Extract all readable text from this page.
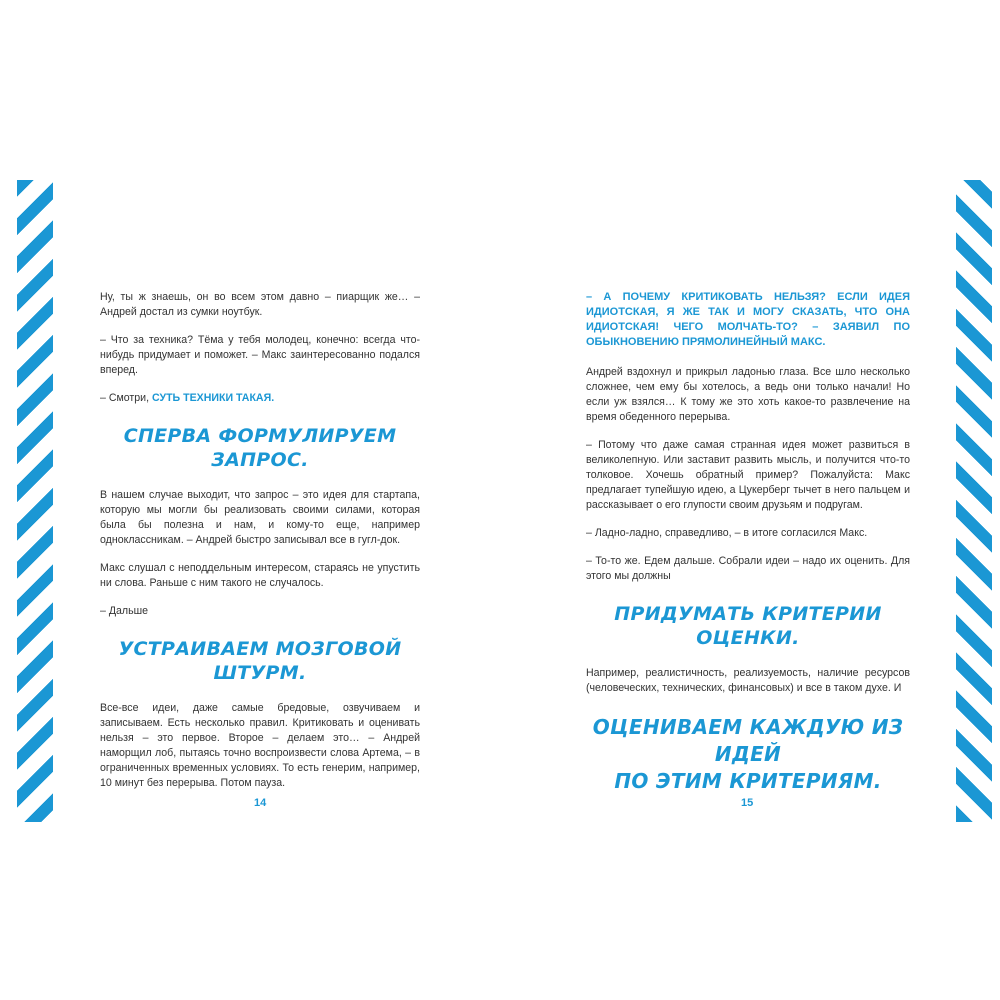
Ну, ты ж знаешь, он во всем этом давно – пиарщик же… – Андрей достал из сумки ноутбук.

– Что за техника? Тёма у тебя молодец, конечно: всегда что-нибудь придумает и поможет. – Макс заинтересованно подался вперед.

– Смотри, СУТЬ ТЕХНИКИ ТАКАЯ.

СПЕРВА ФОРМУЛИРУЕМ ЗАПРОС.

В нашем случае выходит, что запрос – это идея для стартапа, которую мы могли бы реализовать своими силами, которая была бы полезна и нам, и кому-то еще, например одноклассникам. – Андрей быстро записывал все в гугл-док.

Макс слушал с неподдельным интересом, стараясь не упустить ни слова. Раньше с ним такого не случалось.

– Дальше

УСТРАИВАЕМ МОЗГОВОЙ ШТУРМ.

Все-все идеи, даже самые бредовые, озвучиваем и записываем. Есть несколько правил. Критиковать и оценивать нельзя – это первое. Второе – делаем это… – Андрей наморщил лоб, пытаясь точно воспроизвести слова Артема, – в ограниченных временных условиях. То есть генерим, например, 10 минут без перерыва. Потом пауза.

14

– А ПОЧЕМУ КРИТИКОВАТЬ НЕЛЬЗЯ? ЕСЛИ ИДЕЯ ИДИОТСКАЯ, Я ЖЕ ТАК И МОГУ СКАЗАТЬ, ЧТО ОНА ИДИОТСКАЯ! ЧЕГО МОЛЧАТЬ-ТО? – ЗАЯВИЛ ПО ОБЫКНОВЕНИЮ ПРЯМОЛИНЕЙНЫЙ МАКС.

Андрей вздохнул и прикрыл ладонью глаза. Все шло несколько сложнее, чем ему бы хотелось, а ведь они только начали! Но если уж взялся… К тому же это хоть какое-то развлечение на время обеденного перерыва.

– Потому что даже самая странная идея может развиться в великолепную. Или заставит развить мысль, и получится что-то толковое. Хочешь обратный пример? Пожалуйста: Макс предлагает тупейшую идею, а Цукерберг тычет в него пальцем и рассказывает о его глупости своим друзьям и подругам.

– Ладно-ладно, справедливо, – в итоге согласился Макс.

– То-то же. Едем дальше. Собрали идеи – надо их оценить. Для этого мы должны

ПРИДУМАТЬ КРИТЕРИИ ОЦЕНКИ.

Например, реалистичность, реализуемость, наличие ресурсов (человеческих, технических, финансовых) и все в таком духе. И

ОЦЕНИВАЕМ КАЖДУЮ ИЗ ИДЕЙ
ПО ЭТИМ КРИТЕРИЯМ.
15
